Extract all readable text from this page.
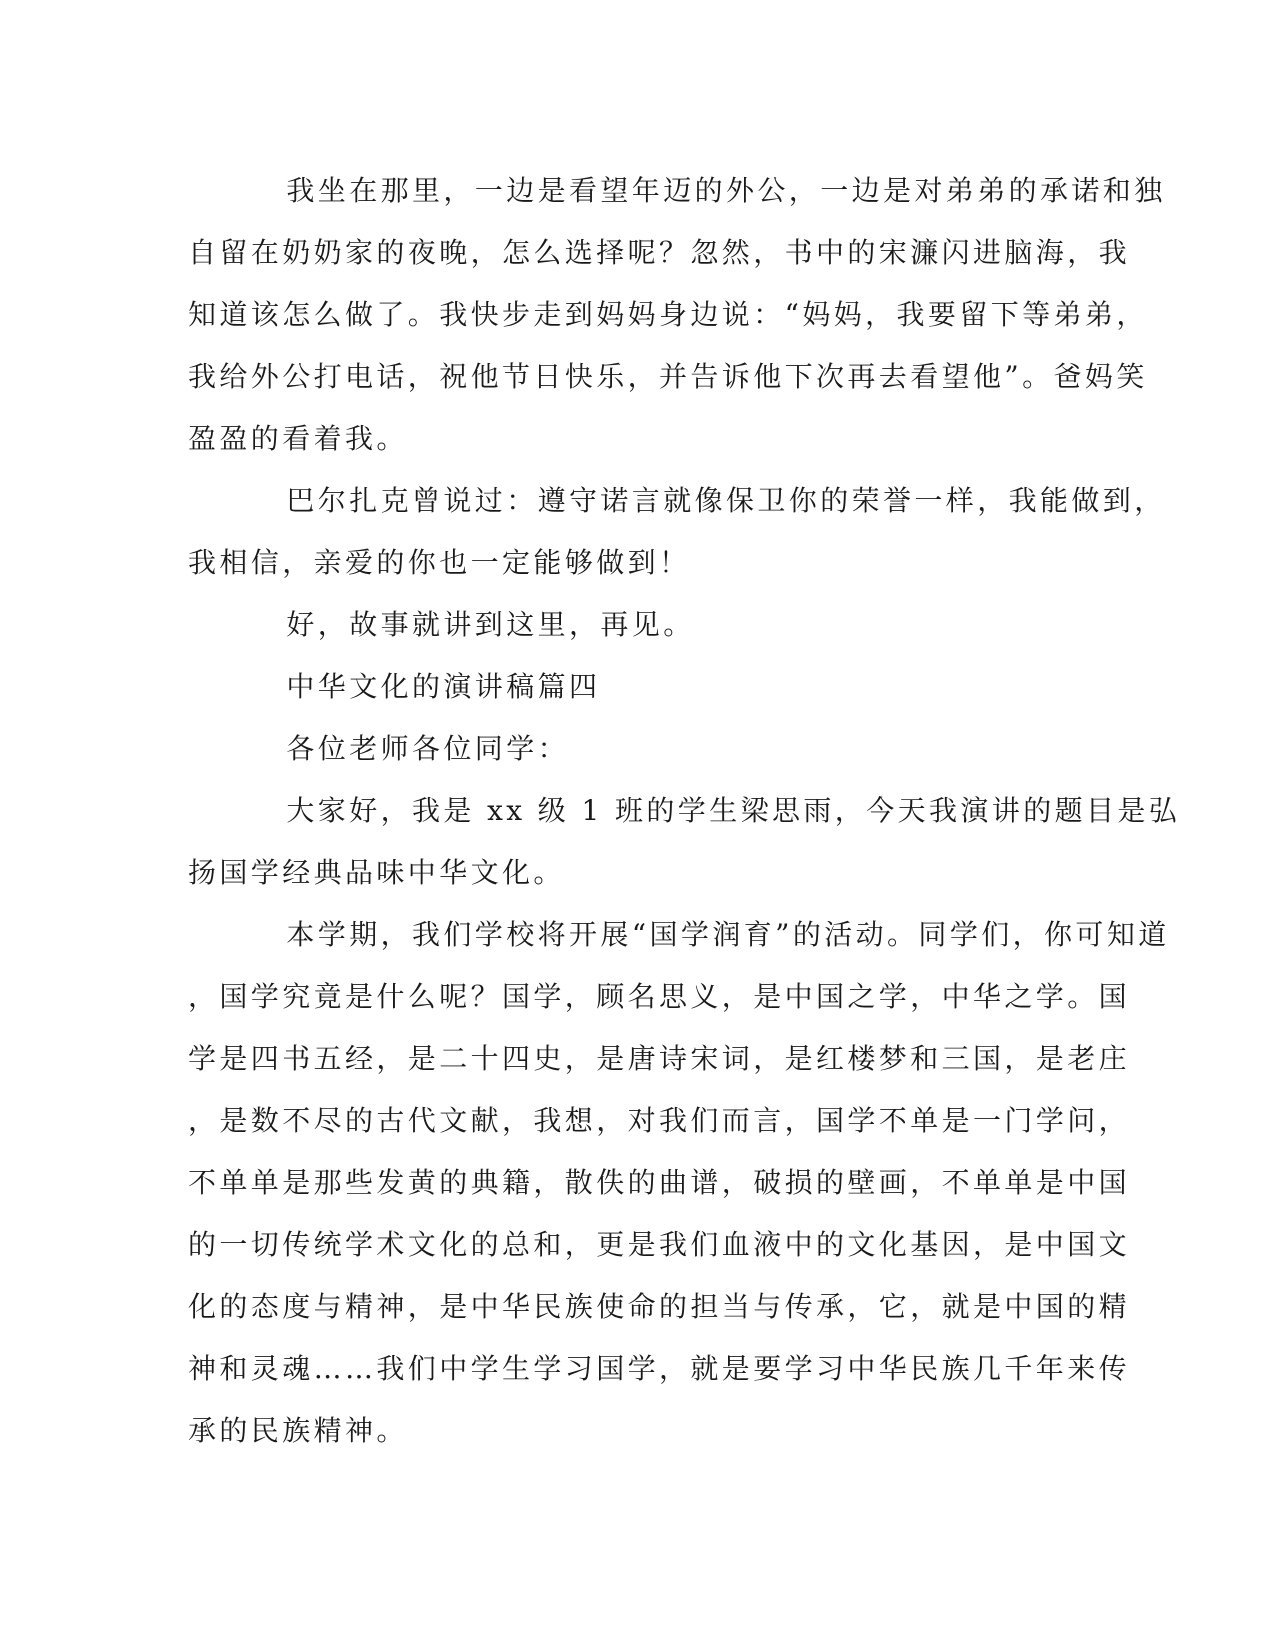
我坐在那里，一边是看望年迈的外公，一边是对弟弟的承诺和独
自留在奶奶家的夜晚，怎么选择呢？忽然，书中的宋濂闪进脑海，我
知道该怎么做了。我快步走到妈妈身边说：“妈妈，我要留下等弟弟，
我给外公打电话，祝他节日快乐，并告诉他下次再去看望他”。爸妈笑
盈盈的看着我。
巴尔扎克曾说过：遵守诺言就像保卫你的荣誉一样，我能做到，
我相信，亲爱的你也一定能够做到！
好，故事就讲到这里，再见。
中华文化的演讲稿篇四
各位老师各位同学：
大家好，我是 xx 级 1 班的学生梁思雨，今天我演讲的题目是弘
扬国学经典品味中华文化。
本学期，我们学校将开展“国学润育”的活动。同学们，你可知道
，国学究竟是什么呢？国学，顾名思义，是中国之学，中华之学。国
学是四书五经，是二十四史，是唐诗宋词，是红楼梦和三国，是老庄
，是数不尽的古代文献，我想，对我们而言，国学不单是一门学问，
不单单是那些发黄的典籍，散佚的曲谱，破损的壁画，不单单是中国
的一切传统学术文化的总和，更是我们血液中的文化基因，是中国文
化的态度与精神，是中华民族使命的担当与传承，它，就是中国的精
神和灵魂……我们中学生学习国学，就是要学习中华民族几千年来传
承的民族精神。
